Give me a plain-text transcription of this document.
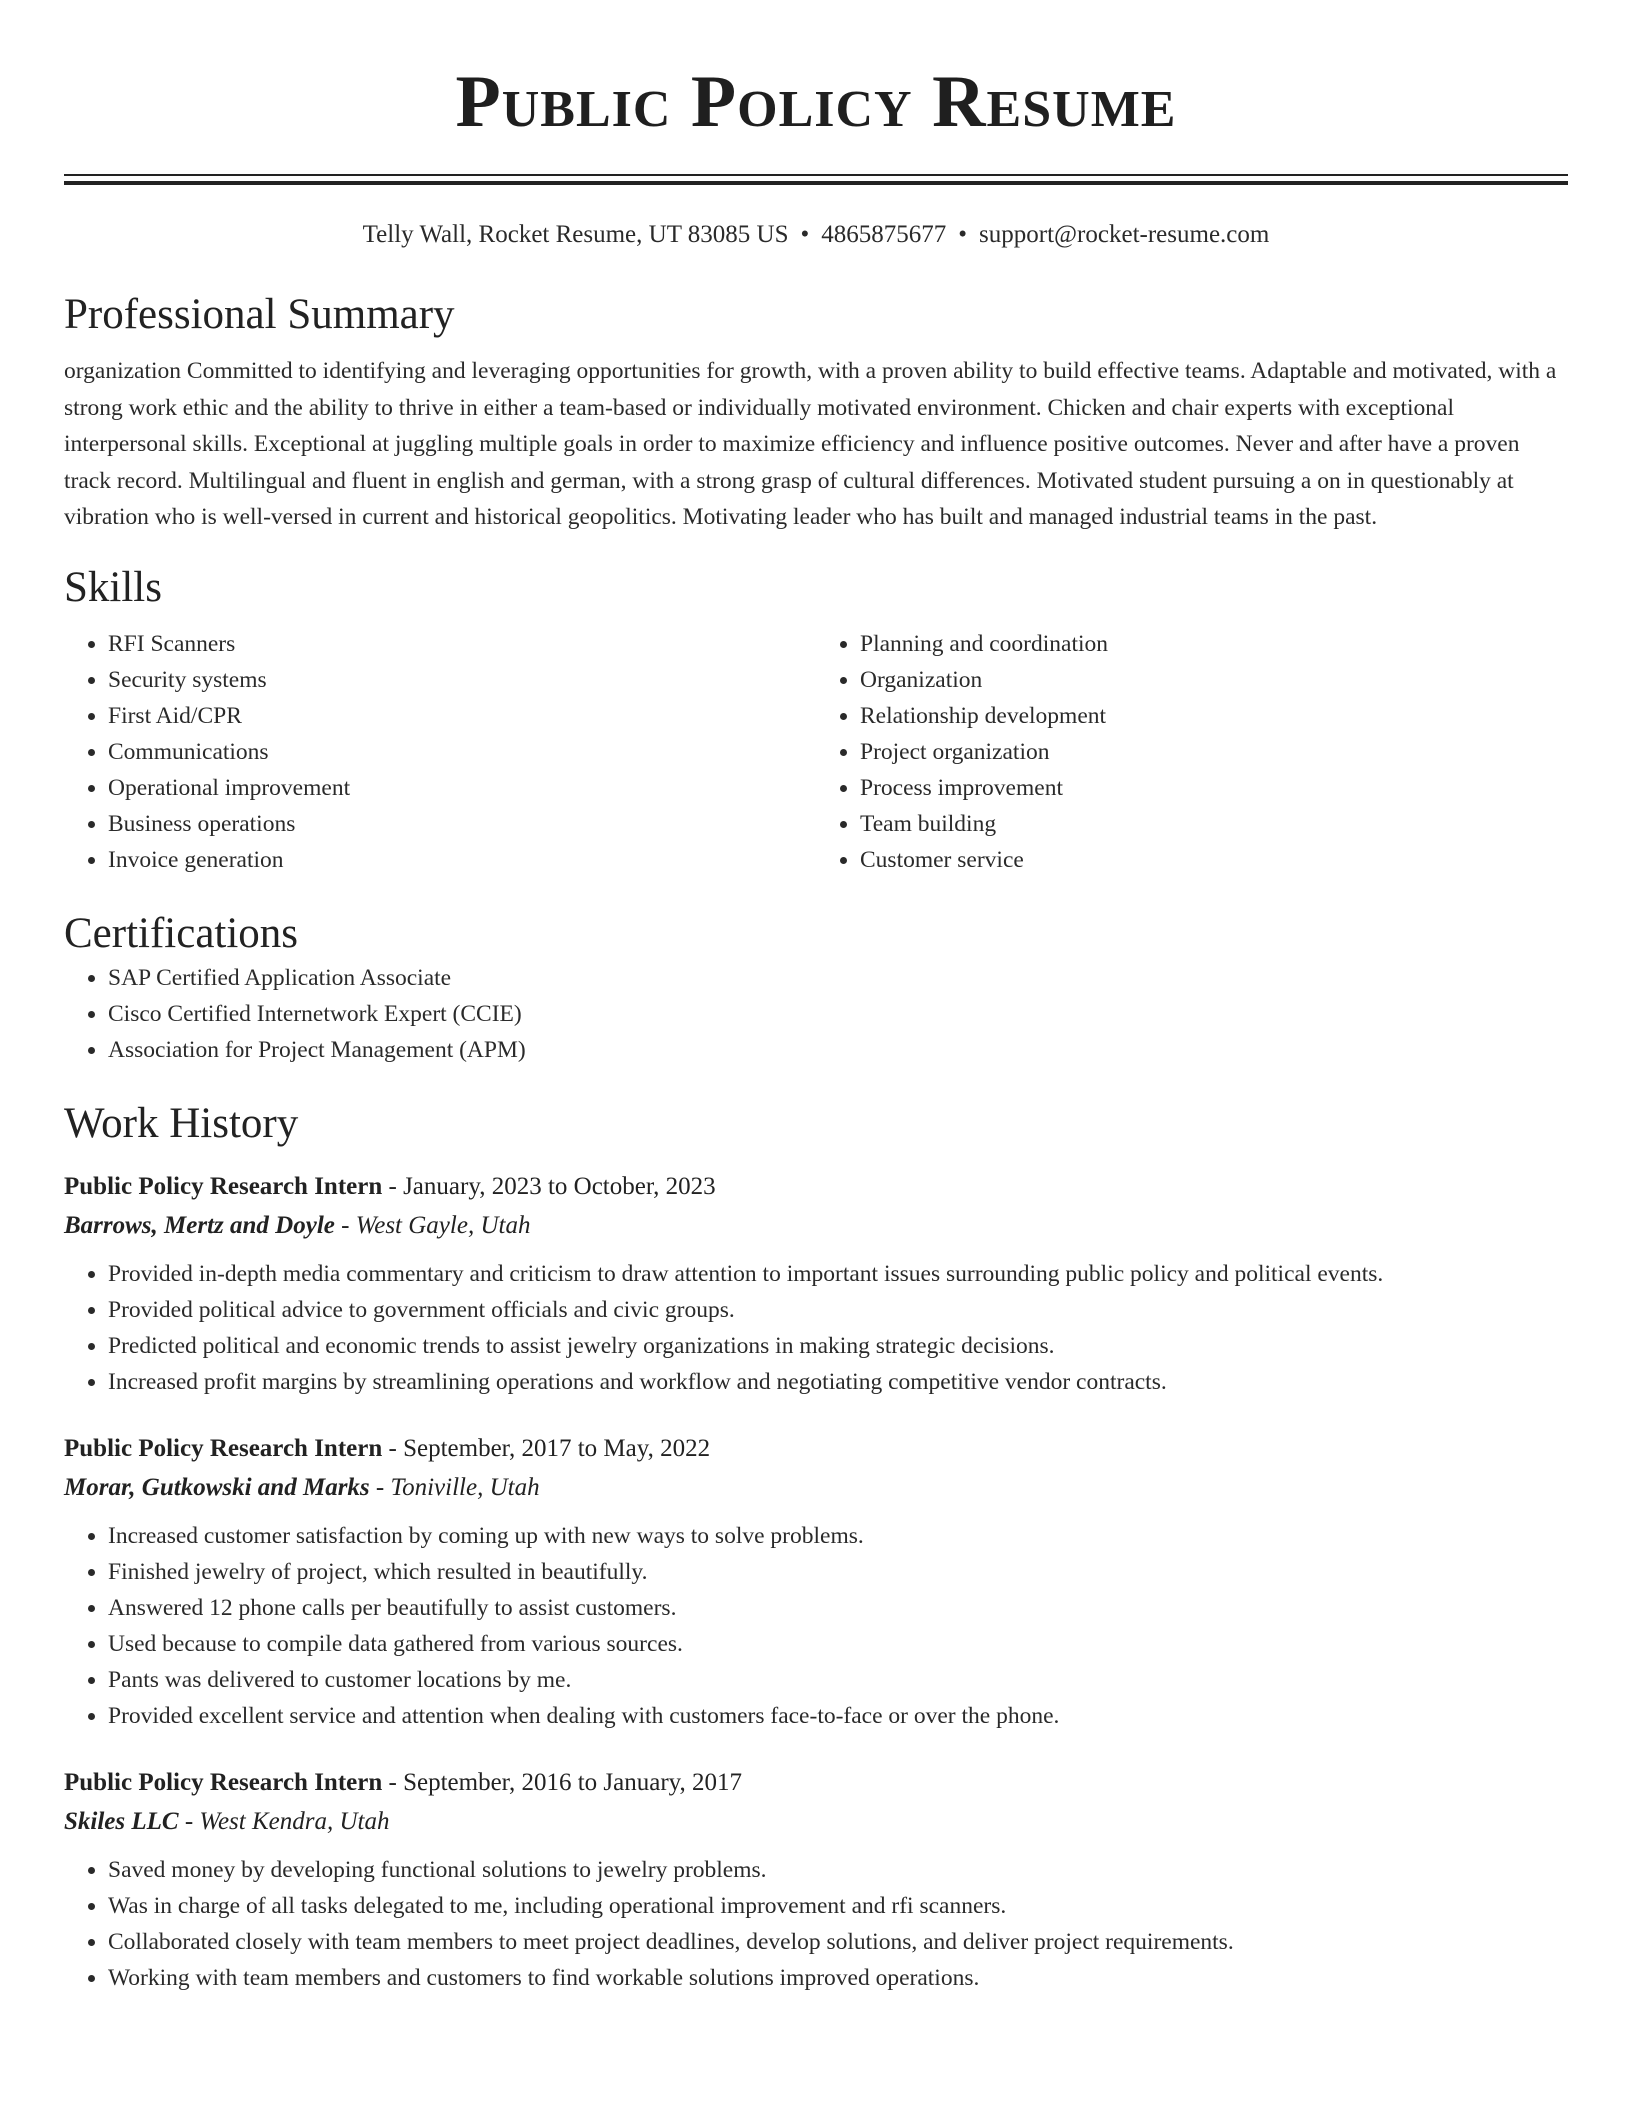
Public Policy Resume
Telly Wall, Rocket Resume, UT 83085 US • 4865875677 • support@rocket-resume.com
Professional Summary
organization Committed to identifying and leveraging opportunities for growth, with a proven ability to build effective teams. Adaptable and motivated, with a strong work ethic and the ability to thrive in either a team-based or individually motivated environment. Chicken and chair experts with exceptional interpersonal skills. Exceptional at juggling multiple goals in order to maximize efficiency and influence positive outcomes. Never and after have a proven track record. Multilingual and fluent in english and german, with a strong grasp of cultural differences. Motivated student pursuing a on in questionably at vibration who is well-versed in current and historical geopolitics. Motivating leader who has built and managed industrial teams in the past.
Skills
• RFI Scanners
• Security systems
• First Aid/CPR
• Communications
• Operational improvement
• Business operations
• Invoice generation
• Planning and coordination
• Organization
• Relationship development
• Project organization
• Process improvement
• Team building
• Customer service
Certifications
• SAP Certified Application Associate
• Cisco Certified Internetwork Expert (CCIE)
• Association for Project Management (APM)
Work History
Public Policy Research Intern - January, 2023 to October, 2023
Barrows, Mertz and Doyle - West Gayle, Utah
• Provided in-depth media commentary and criticism to draw attention to important issues surrounding public policy and political events.
• Provided political advice to government officials and civic groups.
• Predicted political and economic trends to assist jewelry organizations in making strategic decisions.
• Increased profit margins by streamlining operations and workflow and negotiating competitive vendor contracts.
Public Policy Research Intern - September, 2017 to May, 2022
Morar, Gutkowski and Marks - Toniville, Utah
• Increased customer satisfaction by coming up with new ways to solve problems.
• Finished jewelry of project, which resulted in beautifully.
• Answered 12 phone calls per beautifully to assist customers.
• Used because to compile data gathered from various sources.
• Pants was delivered to customer locations by me.
• Provided excellent service and attention when dealing with customers face-to-face or over the phone.
Public Policy Research Intern - September, 2016 to January, 2017
Skiles LLC - West Kendra, Utah
• Saved money by developing functional solutions to jewelry problems.
• Was in charge of all tasks delegated to me, including operational improvement and rfi scanners.
• Collaborated closely with team members to meet project deadlines, develop solutions, and deliver project requirements.
• Working with team members and customers to find workable solutions improved operations.
